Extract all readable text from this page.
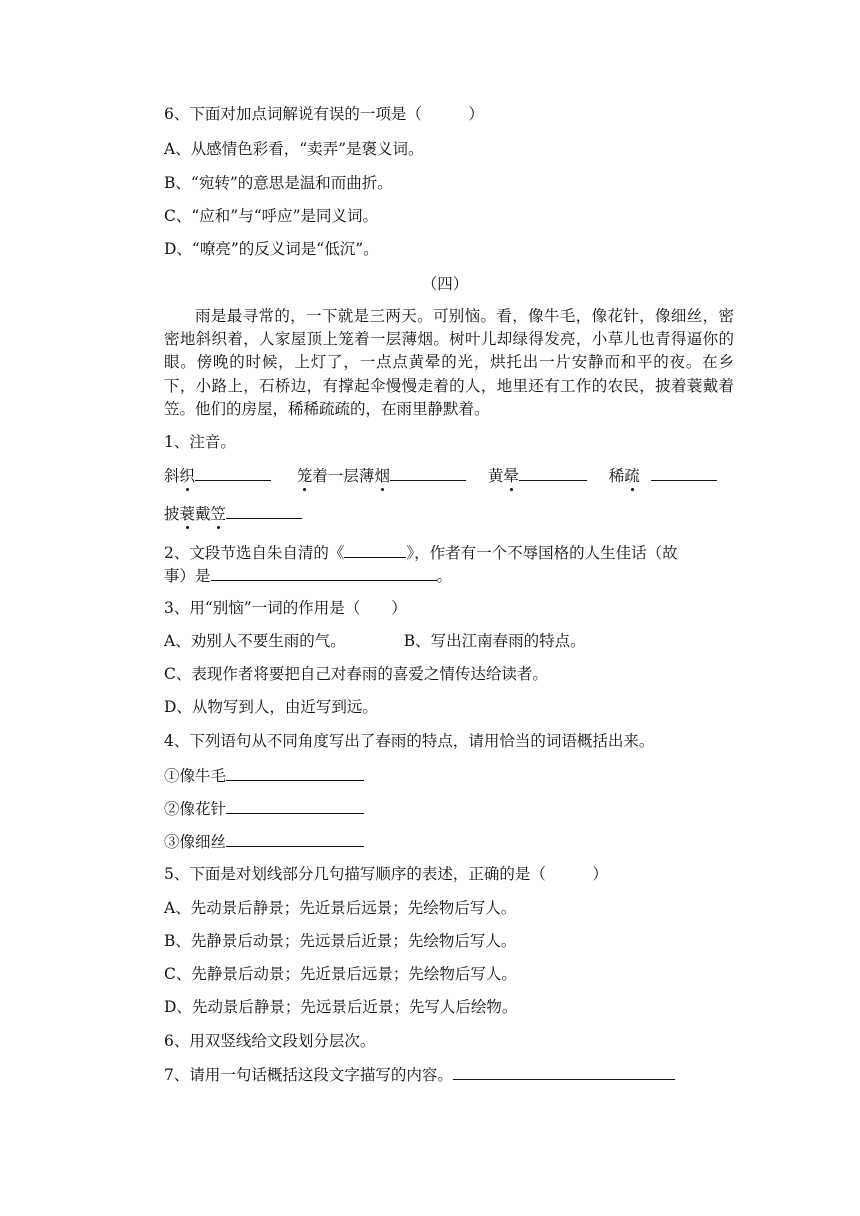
6、下面对加点词解说有误的一项是（　　　）
A、从感情色彩看，“卖弄”是褒义词。
B、“宛转”的意思是温和而曲折。
C、“应和”与“呼应”是同义词。
D、“嘹亮”的反义词是“低沉”。
（四）
雨是最寻常的，一下就是三两天。可别恼。看，像牛毛，像花针，像细丝，密密地斜织着，人家屋顶上笼着一层薄烟。树叶儿却绿得发亮，小草儿也青得逼你的眼。傍晚的时候，上灯了，一点点黄晕的光，烘托出一片安静而和平的夜。在乡下，小路上，石桥边，有撑起伞慢慢走着的人，地里还有工作的农民，披着蓑戴着笠。他们的房屋，稀稀疏疏的，在雨里静默着。
1、注音。
斜织	笼着一层薄烟	黄晕	稀疏
披蓑戴笠
2、文段节选自朱自清的《	》，作者有一个不辱国格的人生佳话（故
事）是	。
3、用“别恼”一词的作用是（　　）
A、劝别人不要生雨的气。	B、写出江南春雨的特点。
C、表现作者将要把自己对春雨的喜爱之情传达给读者。
D、从物写到人，由近写到远。
4、下列语句从不同角度写出了春雨的特点，请用恰当的词语概括出来。
①像牛毛
②像花针
③像细丝
5、下面是对划线部分几句描写顺序的表述，正确的是（　　　）
A、先动景后静景；先近景后远景；先绘物后写人。
B、先静景后动景；先远景后近景；先绘物后写人。
C、先静景后动景；先近景后远景；先绘物后写人。
D、先动景后静景；先远景后近景；先写人后绘物。
6、用双竖线给文段划分层次。
7、请用一句话概括这段文字描写的内容。
